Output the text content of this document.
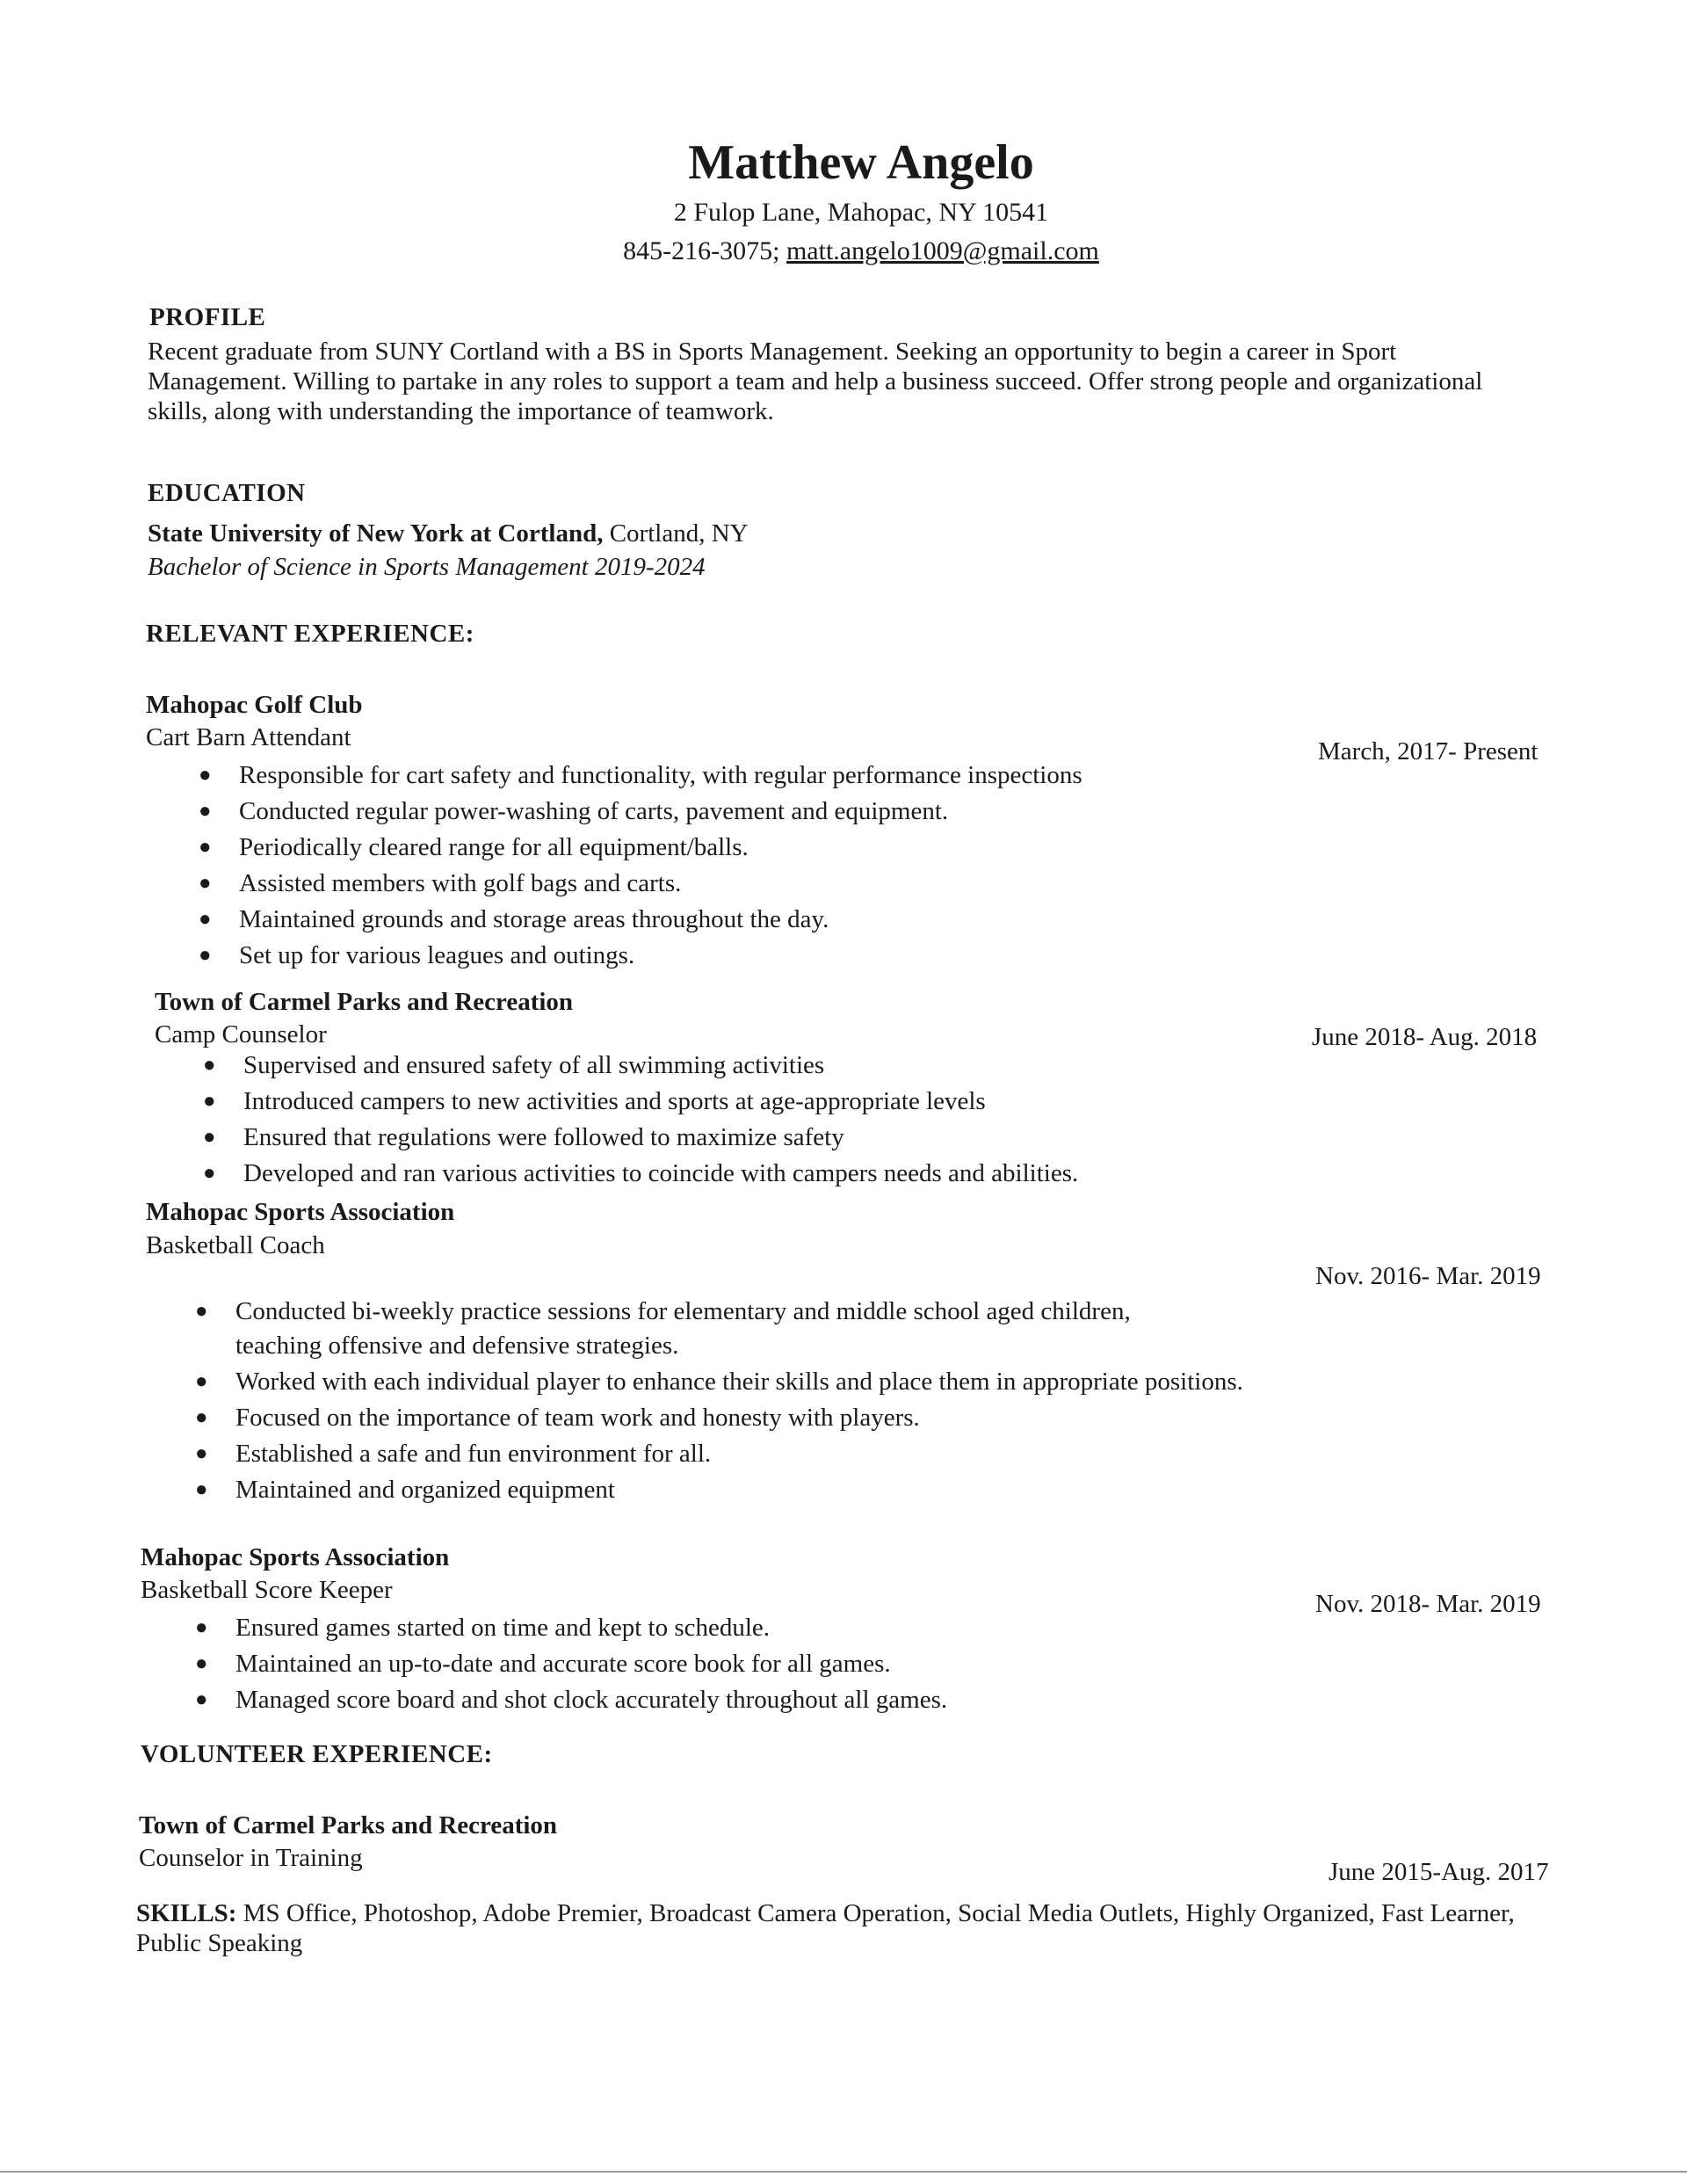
Matthew Angelo

2 Fulop Lane, Mahopac, NY 10541

845-216-3075; matt.angelo1009@gmail.com

PROFILE

Recent graduate from SUNY Cortland with a BS in Sports Management. Seeking an opportunity to begin a career in Sport Management. Willing to partake in any roles to support a team and help a business succeed. Offer strong people and organizational skills, along with understanding the importance of teamwork.

EDUCATION

State University of New York at Cortland, Cortland, NY

Bachelor of Science in Sports Management 2019-2024

RELEVANT EXPERIENCE:

Mahopac Golf Club

Cart Barn Attendant	March, 2017- Present
● Responsible for cart safety and functionality, with regular performance inspections
● Conducted regular power-washing of carts, pavement and equipment.
● Periodically cleared range for all equipment/balls.
● Assisted members with golf bags and carts.
● Maintained grounds and storage areas throughout the day.
● Set up for various leagues and outings.

Town of Carmel Parks and Recreation

Camp Counselor	June 2018- Aug. 2018
● Supervised and ensured safety of all swimming activities
● Introduced campers to new activities and sports at age-appropriate levels
● Ensured that regulations were followed to maximize safety
● Developed and ran various activities to coincide with campers needs and abilities.

Mahopac Sports Association

Basketball Coach

Nov. 2016- Mar. 2019
● Conducted bi-weekly practice sessions for elementary and middle school aged children,
teaching offensive and defensive strategies.
● Worked with each individual player to enhance their skills and place them in appropriate positions.
● Focused on the importance of team work and honesty with players.
● Established a safe and fun environment for all.
● Maintained and organized equipment

Mahopac Sports Association

Basketball Score Keeper	Nov. 2018- Mar. 2019
● Ensured games started on time and kept to schedule.
● Maintained an up-to-date and accurate score book for all games.
● Managed score board and shot clock accurately throughout all games.

VOLUNTEER EXPERIENCE:

Town of Carmel Parks and Recreation

Counselor in Training	June 2015-Aug. 2017

SKILLS: MS Office, Photoshop, Adobe Premier, Broadcast Camera Operation, Social Media Outlets, Highly Organized, Fast Learner, Public Speaking
